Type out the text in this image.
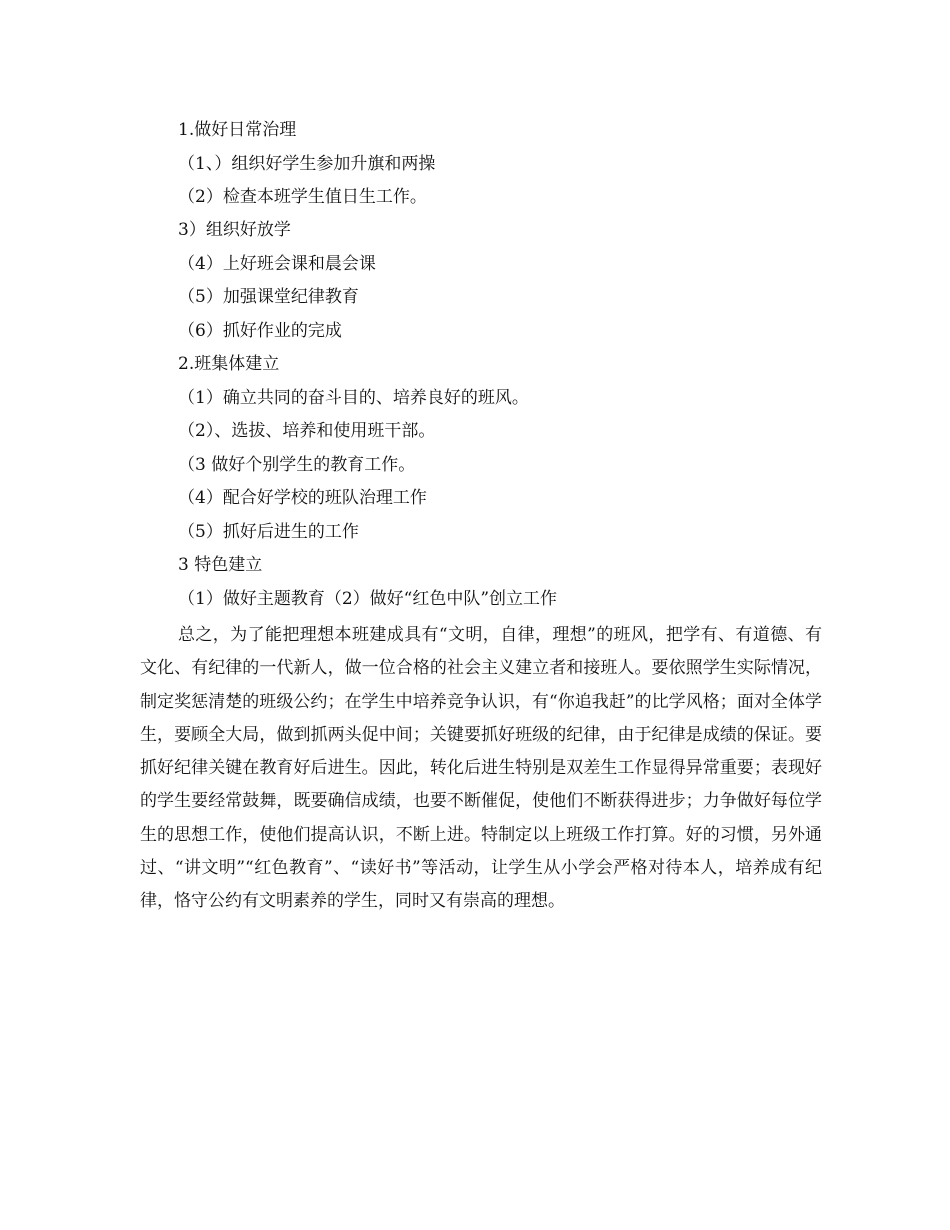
1.做好日常治理
（1、）组织好学生参加升旗和两操
（2）检查本班学生值日生工作。
3）组织好放学
（4）上好班会课和晨会课
（5）加强课堂纪律教育
（6）抓好作业的完成
2.班集体建立
（1）确立共同的奋斗目的、培养良好的班风。
（2）、选拔、培养和使用班干部。
（3 做好个别学生的教育工作。
（4）配合好学校的班队治理工作
（5）抓好后进生的工作
3 特色建立
（1）做好主题教育（2）做好“红色中队”创立工作

总之，为了能把理想本班建成具有“文明，自律，理想”的班风，把学有、有道德、有文化、有纪律的一代新人，做一位合格的社会主义建立者和接班人。要依照学生实际情况，制定奖惩清楚的班级公约；在学生中培养竞争认识，有“你追我赶”的比学风格；面对全体学生，要顾全大局，做到抓两头促中间；关键要抓好班级的纪律，由于纪律是成绩的保证。要抓好纪律关键在教育好后进生。因此，转化后进生特别是双差生工作显得异常重要；表现好的学生要经常鼓舞，既要确信成绩，也要不断催促，使他们不断获得进步；力争做好每位学生的思想工作，使他们提高认识，不断上进。特制定以上班级工作打算。好的习惯，另外通过、“讲文明”“红色教育”、“读好书”等活动，让学生从小学会严格对待本人，培养成有纪律，恪守公约有文明素养的学生，同时又有崇高的理想。
